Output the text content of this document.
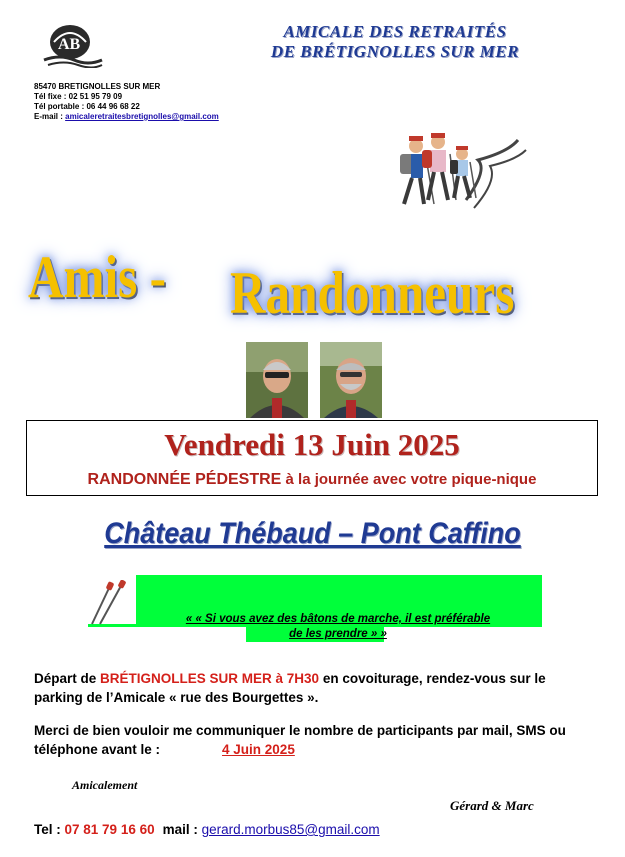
AB
AMICALE DES RETRAITÉS
DE BRÉTIGNOLLES SUR MER
85470 BRETIGNOLLES SUR MER
Tél fixe : 02 51 95 79 09
Tél portable : 06 44 96 68 22
E-mail : amicaleretraitesbretignolles@gmail.com
Amis - Randonneurs
Vendredi 13 Juin 2025
RANDONNÉE PÉDESTRE à la journée avec votre pique-nique
Château Thébaud – Pont Caffino
« « Si vous avez des bâtons de marche, il est préférable
de les prendre » »
Départ de BRÉTIGNOLLES SUR MER à 7H30 en covoiturage, rendez-vous sur le parking de l’Amicale « rue des Bourgettes ».
Merci de bien vouloir me communiquer le nombre de participants par mail, SMS ou téléphone avant le :	4 Juin 2025
Amicalement
Gérard & Marc
Tel : 07 81 79 16 60 mail : gerard.morbus85@gmail.com
